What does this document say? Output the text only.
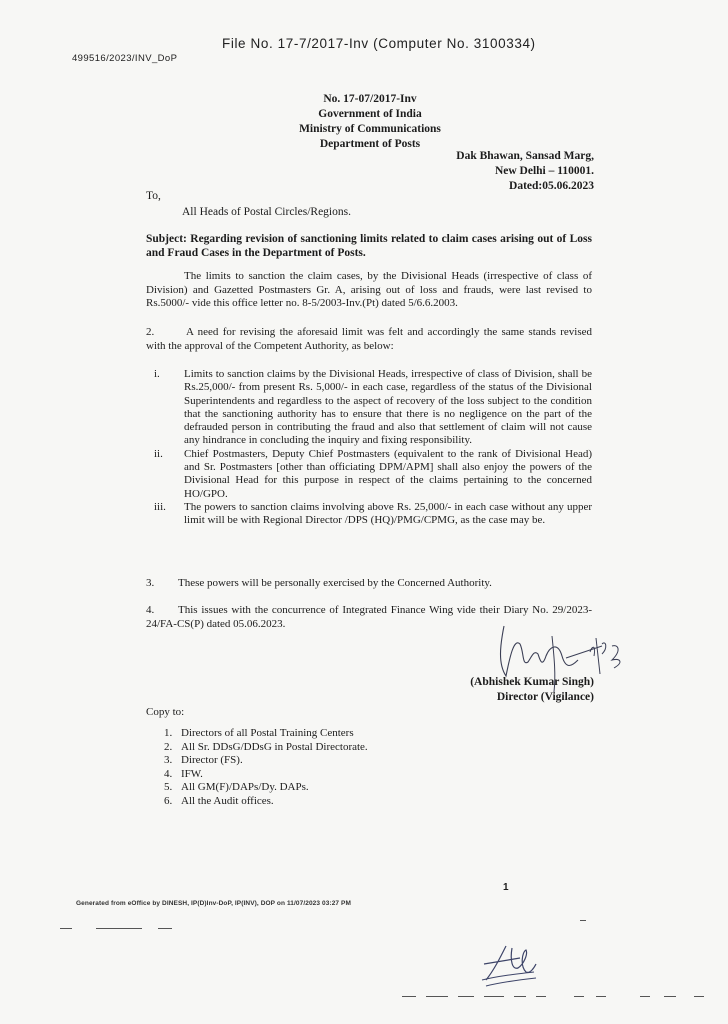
File No. 17-7/2017-Inv (Computer No. 3100334)
499516/2023/INV_DoP
No. 17-07/2017-Inv
Government of India
Ministry of Communications
Department of Posts
Dak Bhawan, Sansad Marg,
New Delhi – 110001.
Dated:05.06.2023
To,
All Heads of Postal Circles/Regions.
Subject: Regarding revision of sanctioning limits related to claim cases arising out of Loss and Fraud Cases in the Department of Posts.
The limits to sanction the claim cases, by the Divisional Heads (irrespective of class of Division) and Gazetted Postmasters Gr. A, arising out of loss and frauds, were last revised to Rs.5000/- vide this office letter no. 8-5/2003-Inv.(Pt) dated 5/6.6.2003.
2.	A need for revising the aforesaid limit was felt and accordingly the same stands revised with the approval of the Competent Authority, as below:
i.	Limits to sanction claims by the Divisional Heads, irrespective of class of Division, shall be Rs.25,000/- from present Rs. 5,000/- in each case, regardless of the status of the Divisional Superintendents and regardless to the aspect of recovery of the loss subject to the condition that the sanctioning authority has to ensure that there is no negligence on the part of the defrauded person in contributing the fraud and also that settlement of claim will not cause any hindrance in concluding the inquiry and fixing responsibility.
ii.	Chief Postmasters, Deputy Chief Postmasters (equivalent to the rank of Divisional Head) and Sr. Postmasters [other than officiating DPM/APM] shall also enjoy the powers of the Divisional Head for this purpose in respect of the claims pertaining to the concerned HO/GPO.
iii.	The powers to sanction claims involving above Rs. 25,000/- in each case without any upper limit will be with Regional Director /DPS (HQ)/PMG/CPMG, as the case may be.
3. These powers will be personally exercised by the Concerned Authority.
4. This issues with the concurrence of Integrated Finance Wing vide their Diary No. 29/2023-24/FA-CS(P) dated 05.06.2023.
(Abhishek Kumar Singh)
Director (Vigilance)
Copy to:
1. Directors of all Postal Training Centers
2. All Sr. DDsG/DDsG in Postal Directorate.
3. Director (FS).
4. IFW.
5. All GM(F)/DAPs/Dy. DAPs.
6. All the Audit offices.
1
Generated from eOffice by DINESH, IP(D)Inv-DoP, IP(INV), DOP on 11/07/2023 03:27 PM
